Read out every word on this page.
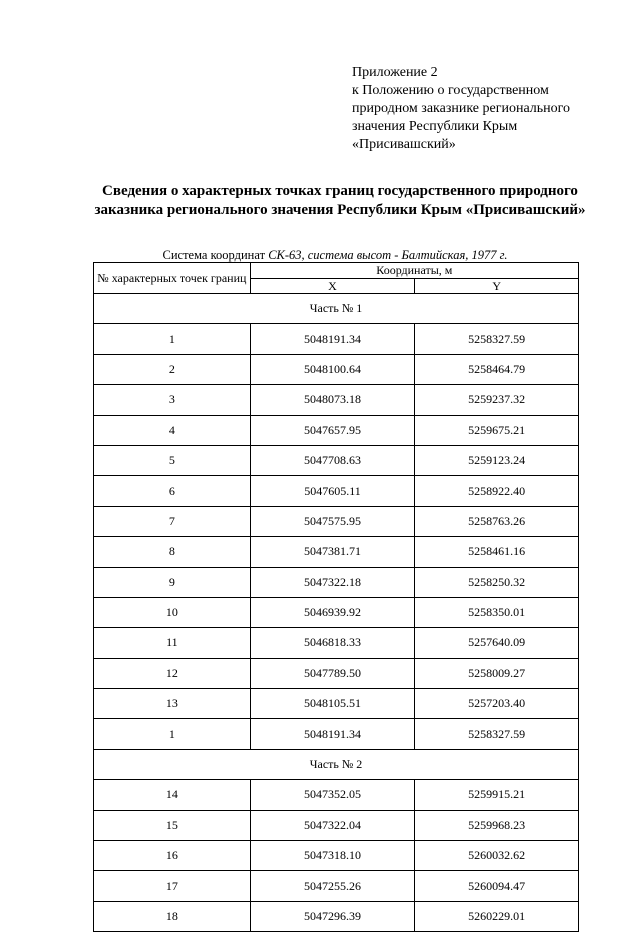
Приложение 2
к Положению о государственном
природном заказнике регионального
значения Республики Крым
«Присивашский»
Сведения о характерных точках границ государственного природного
заказника регионального значения Республики Крым «Присивашский»
Система координат СК-63, система высот - Балтийская, 1977 г.
№ характерных точек границ	Координаты, м	
	X	Y
Часть № 1		
1	5048191.34	5258327.59
2	5048100.64	5258464.79
3	5048073.18	5259237.32
4	5047657.95	5259675.21
5	5047708.63	5259123.24
6	5047605.11	5258922.40
7	5047575.95	5258763.26
8	5047381.71	5258461.16
9	5047322.18	5258250.32
10	5046939.92	5258350.01
11	5046818.33	5257640.09
12	5047789.50	5258009.27
13	5048105.51	5257203.40
1	5048191.34	5258327.59
Часть № 2		
14	5047352.05	5259915.21
15	5047322.04	5259968.23
16	5047318.10	5260032.62
17	5047255.26	5260094.47
18	5047296.39	5260229.01
